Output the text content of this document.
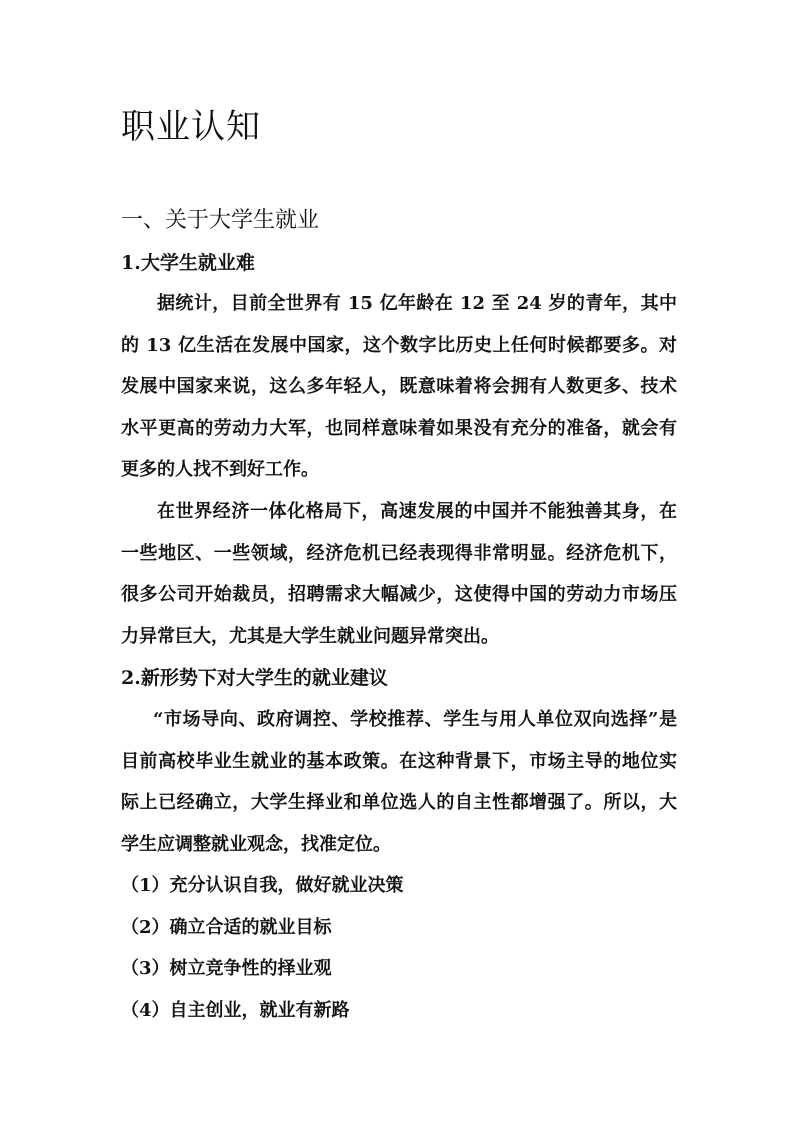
职业认知
一、关于大学生就业
1.大学生就业难

据统计，目前全世界有 15 亿年龄在 12 至 24 岁的青年，其中的 13 亿生活在发展中国家，这个数字比历史上任何时候都要多。对发展中国家来说，这么多年轻人，既意味着将会拥有人数更多、技术水平更高的劳动力大军，也同样意味着如果没有充分的准备，就会有更多的人找不到好工作。

在世界经济一体化格局下，高速发展的中国并不能独善其身，在一些地区、一些领域，经济危机已经表现得非常明显。经济危机下，很多公司开始裁员，招聘需求大幅减少，这使得中国的劳动力市场压力异常巨大，尤其是大学生就业问题异常突出。

2.新形势下对大学生的就业建议

“市场导向、政府调控、学校推荐、学生与用人单位双向选择”是目前高校毕业生就业的基本政策。在这种背景下，市场主导的地位实际上已经确立，大学生择业和单位选人的自主性都增强了。所以，大学生应调整就业观念，找准定位。

（1）充分认识自我，做好就业决策

（2）确立合适的就业目标

（3）树立竞争性的择业观

（4）自主创业，就业有新路
